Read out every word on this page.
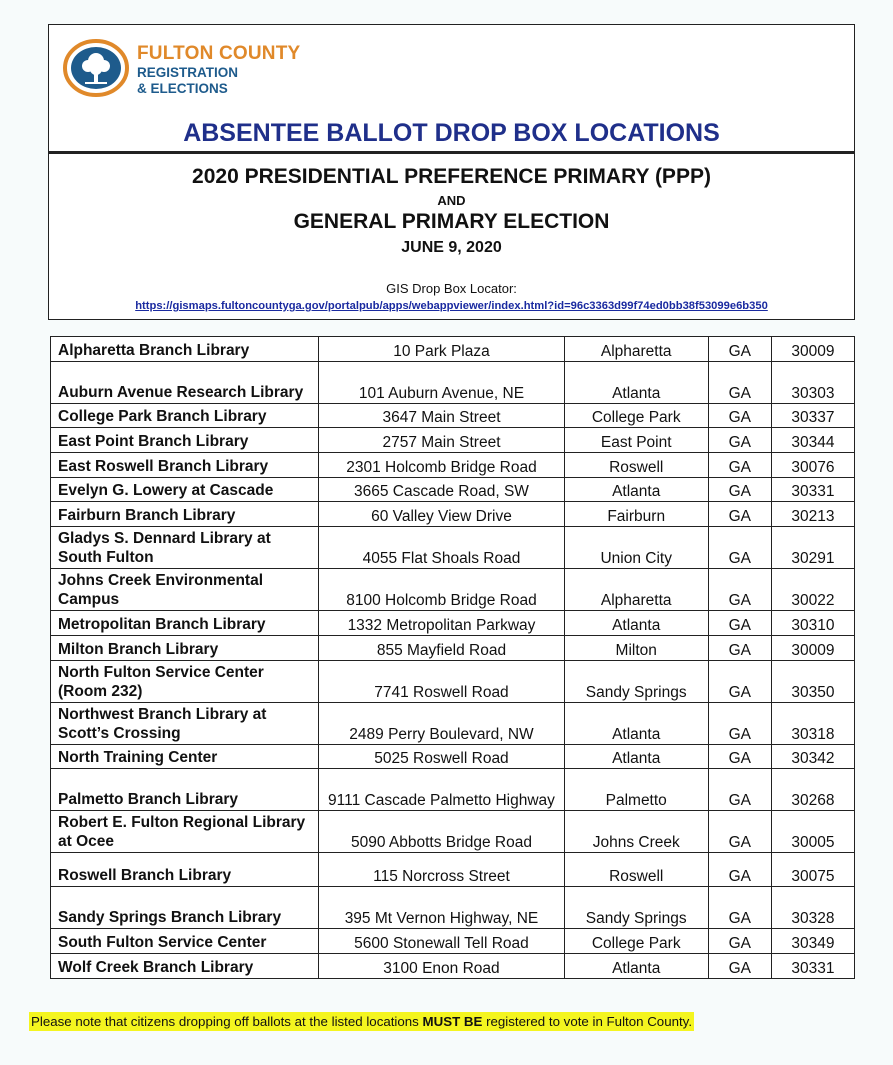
FULTON COUNTY
REGISTRATION
& ELECTIONS
ABSENTEE BALLOT DROP BOX LOCATIONS
2020 PRESIDENTIAL PREFERENCE PRIMARY (PPP)
AND
GENERAL PRIMARY ELECTION
JUNE 9, 2020
GIS Drop Box Locator:
https://gismaps.fultoncountyga.gov/portalpub/apps/webappviewer/index.html?id=96c3363d99f74ed0bb38f53099e6b350
Alpharetta Branch Library	10 Park Plaza	Alpharetta	GA	30009
Auburn Avenue Research Library	101 Auburn Avenue, NE	Atlanta	GA	30303
College Park Branch Library	3647 Main Street	College Park	GA	30337
East Point Branch Library	2757 Main Street	East Point	GA	30344
East Roswell Branch Library	2301 Holcomb Bridge Road	Roswell	GA	30076
Evelyn G. Lowery at Cascade	3665 Cascade Road, SW	Atlanta	GA	30331
Fairburn Branch Library	60 Valley View Drive	Fairburn	GA	30213
Gladys S. Dennard Library at South Fulton	4055 Flat Shoals Road	Union City	GA	30291
Johns Creek Environmental Campus	8100 Holcomb Bridge Road	Alpharetta	GA	30022
Metropolitan Branch Library	1332 Metropolitan Parkway	Atlanta	GA	30310
Milton Branch Library	855 Mayfield Road	Milton	GA	30009
North Fulton Service Center (Room 232)	7741 Roswell Road	Sandy Springs	GA	30350
Northwest Branch Library at Scott’s Crossing	2489 Perry Boulevard, NW	Atlanta	GA	30318
North Training Center	5025 Roswell Road	Atlanta	GA	30342
Palmetto Branch Library	9111 Cascade Palmetto Highway	Palmetto	GA	30268
Robert E. Fulton Regional Library at Ocee	5090 Abbotts Bridge Road	Johns Creek	GA	30005
Roswell Branch Library	115 Norcross Street	Roswell	GA	30075
Sandy Springs Branch Library	395 Mt Vernon Highway, NE	Sandy Springs	GA	30328
South Fulton Service Center	5600 Stonewall Tell Road	College Park	GA	30349
Wolf Creek Branch Library	3100 Enon Road	Atlanta	GA	30331
Please note that citizens dropping off ballots at the listed locations MUST BE registered to vote in Fulton County.
